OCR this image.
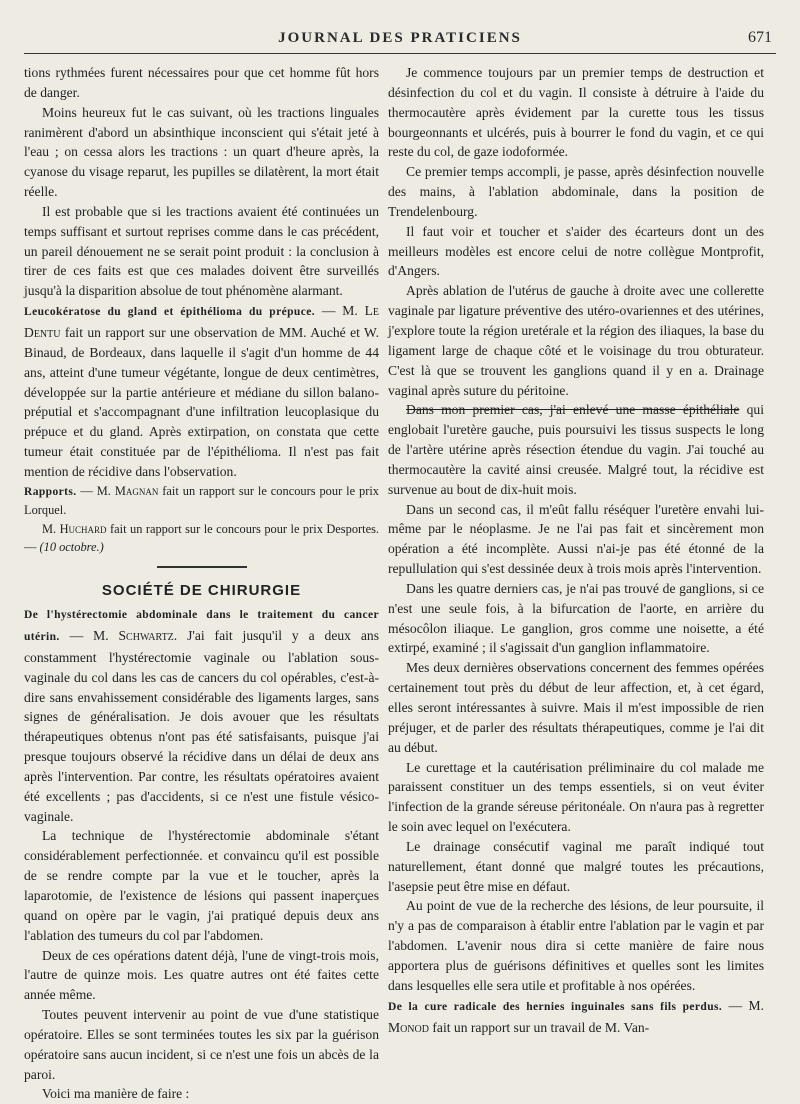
JOURNAL DES PRATICIENS	671

tions rythmées furent nécessaires pour que cet homme fût hors de danger.

Moins heureux fut le cas suivant, où les tractions linguales ranimèrent d'abord un absinthique inconscient qui s'était jeté à l'eau ; on cessa alors les tractions : un quart d'heure après, la cyanose du visage reparut, les pupilles se dilatèrent, la mort était réelle.

Il est probable que si les tractions avaient été continuées un temps suffisant et surtout reprises comme dans le cas précédent, un pareil dénouement ne se serait point produit : la conclusion à tirer de ces faits est que ces malades doivent être surveillés jusqu'à la disparition absolue de tout phénomène alarmant.

Leucokératose du gland et épithélioma du prépuce. — M. Le Dentu fait un rapport sur une observation de MM. Auché et W. Binaud, de Bordeaux, dans laquelle il s'agit d'un homme de 44 ans, atteint d'une tumeur végétante, longue de deux centimètres, développée sur la partie antérieure et médiane du sillon balano-préputial et s'accompagnant d'une infiltration leucoplasique du prépuce et du gland. Après extirpation, on constata que cette tumeur était constituée par de l'épithélioma. Il n'est pas fait mention de récidive dans l'observation.

Rapports. — M. Magnan fait un rapport sur le concours pour le prix Lorquel.

M. Huchard fait un rapport sur le concours pour le prix Desportes. — (10 octobre.)

SOCIÉTÉ DE CHIRURGIE

De l'hystérectomie abdominale dans le traitement du cancer utérin. — M. Schwartz. J'ai fait jusqu'il y a deux ans constamment l'hystérectomie vaginale ou l'ablation sous-vaginale du col dans les cas de cancers du col opérables, c'est-à-dire sans envahissement considérable des ligaments larges, sans signes de généralisation. Je dois avouer que les résultats thérapeutiques obtenus n'ont pas été satisfaisants, puisque j'ai presque toujours observé la récidive dans un délai de deux ans après l'intervention. Par contre, les résultats opératoires avaient été excellents ; pas d'accidents, si ce n'est une fistule vésico-vaginale.

La technique de l'hystérectomie abdominale s'étant considérablement perfectionnée. et convaincu qu'il est possible de se rendre compte par la vue et le toucher, après la laparotomie, de l'existence de lésions qui passent inaperçues quand on opère par le vagin, j'ai pratiqué depuis deux ans l'ablation des tumeurs du col par l'abdomen.

Deux de ces opérations datent déjà, l'une de vingt-trois mois, l'autre de quinze mois. Les quatre autres ont été faites cette année même.

Toutes peuvent intervenir au point de vue d'une statistique opératoire. Elles se sont terminées toutes les six par la guérison opératoire sans aucun incident, si ce n'est une fois un abcès de la paroi.

Voici ma manière de faire :

Je commence toujours par un premier temps de destruction et désinfection du col et du vagin. Il consiste à détruire à l'aide du thermocautère après évidement par la curette tous les tissus bourgeonnants et ulcérés, puis à bourrer le fond du vagin, et ce qui reste du col, de gaze iodoformée.

Ce premier temps accompli, je passe, après désinfection nouvelle des mains, à l'ablation abdominale, dans la position de Trendelenbourg.

Il faut voir et toucher et s'aider des écarteurs dont un des meilleurs modèles est encore celui de notre collègue Montprofit, d'Angers.

Après ablation de l'utérus de gauche à droite avec une collerette vaginale par ligature préventive des utéro-ovariennes et des utérines, j'explore toute la région uretérale et la région des iliaques, la base du ligament large de chaque côté et le voisinage du trou obturateur. C'est là que se trouvent les ganglions quand il y en a. Drainage vaginal après suture du péritoine.

Dans mon premier cas, j'ai enlevé une masse épithéliale qui englobait l'uretère gauche, puis poursuivi les tissus suspects le long de l'artère utérine après résection étendue du vagin. J'ai touché au thermocautère la cavité ainsi creusée. Malgré tout, la récidive est survenue au bout de dix-huit mois.

Dans un second cas, il m'eût fallu réséquer l'uretère envahi lui-même par le néoplasme. Je ne l'ai pas fait et sincèrement mon opération a été incomplète. Aussi n'ai-je pas été étonné de la repullulation qui s'est dessinée deux à trois mois après l'intervention.

Dans les quatre derniers cas, je n'ai pas trouvé de ganglions, si ce n'est une seule fois, à la bifurcation de l'aorte, en arrière du mésocôlon iliaque. Le ganglion, gros comme une noisette, a été extirpé, examiné ; il s'agissait d'un ganglion inflammatoire.

Mes deux dernières observations concernent des femmes opérées certainement tout près du début de leur affection, et, à cet égard, elles seront intéressantes à suivre. Mais il m'est impossible de rien préjuger, et de parler des résultats thérapeutiques, comme je l'ai dit au début.

Le curettage et la cautérisation préliminaire du col malade me paraissent constituer un des temps essentiels, si on veut éviter l'infection de la grande séreuse péritonéale. On n'aura pas à regretter le soin avec lequel on l'exécutera.

Le drainage consécutif vaginal me paraît indiqué tout naturellement, étant donné que malgré toutes les précautions, l'asepsie peut être mise en défaut.

Au point de vue de la recherche des lésions, de leur poursuite, il n'y a pas de comparaison à établir entre l'ablation par le vagin et par l'abdomen. L'avenir nous dira si cette manière de faire nous apportera plus de guérisons définitives et quelles sont les limites dans lesquelles elle sera utile et profitable à nos opérées.

De la cure radicale des hernies inguinales sans fils perdus. — M. Monod fait un rapport sur un travail de M. Van-
